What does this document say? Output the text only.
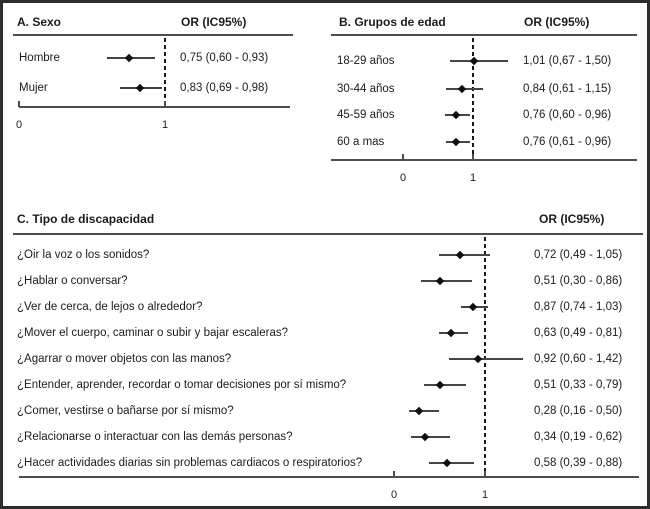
A. Sexo	OR (IC95%)	B. Grupos de edad	OR (IC95%)
C. Tipo de discapacidad	OR (IC95%)
0	1
Hombre	0,75 (0,60 - 0,93)
Mujer	0,83 (0,69 - 0,98)
0	1
18-29 años	1,01 (0,67 - 1,50)
30-44 años	0,84 (0,61 - 1,15)
45-59 años	0,76 (0,60 - 0,96)
60 a mas	0,76 (0,61 - 0,96)
0	1
¿Oir la voz o los sonidos?	0,72 (0,49 - 1,05)
¿Hablar o conversar?	0,51 (0,30 - 0,86)
¿Ver de cerca, de lejos o alrededor?	0,87 (0,74 - 1,03)
¿Mover el cuerpo, caminar o subir y bajar escaleras?	0,63 (0,49 - 0,81)
¿Agarrar o mover objetos con las manos?	0,92 (0,60 - 1,42)
¿Entender, aprender, recordar o tomar decisiones por sí mismo?	0,51 (0,33 - 0,79)
¿Comer, vestirse o bañarse por sí mismo?	0,28 (0,16 - 0,50)
¿Relacionarse o interactuar con las demás personas?	0,34 (0,19 - 0,62)
¿Hacer actividades diarias sin problemas cardiacos o respiratorios?	0,58 (0,39 - 0,88)
